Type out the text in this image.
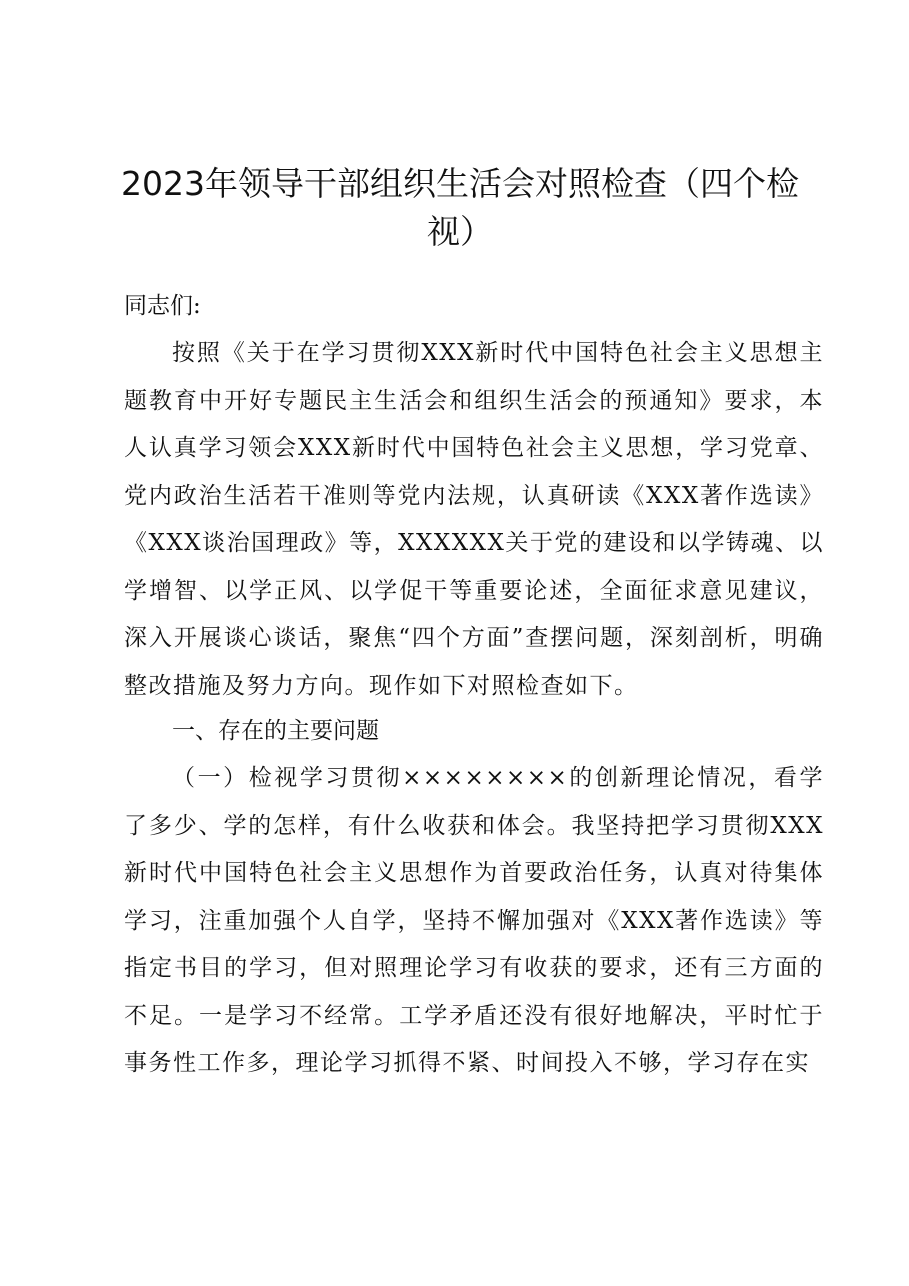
2023年领导干部组织生活会对照检查（四个检视）
同志们:
按照《关于在学习贯彻XXX新时代中国特色社会主义思想主题教育中开好专题民主生活会和组织生活会的预通知》要求，本人认真学习领会XXX新时代中国特色社会主义思想，学习党章、党内政治生活若干准则等党内法规，认真研读《XXX著作选读》《XXX谈治国理政》等，XXXXXX关于党的建设和以学铸魂、以学增智、以学正风、以学促干等重要论述，全面征求意见建议，深入开展谈心谈话，聚焦“四个方面”查摆问题，深刻剖析，明确整改措施及努力方向。现作如下对照检查如下。
一、存在的主要问题
（一）检视学习贯彻××××××××的创新理论情况，看学了多少、学的怎样，有什么收获和体会。我坚持把学习贯彻XXX新时代中国特色社会主义思想作为首要政治任务，认真对待集体学习，注重加强个人自学，坚持不懈加强对《XXX著作选读》等指定书目的学习，但对照理论学习有收获的要求，还有三方面的不足。一是学习不经常。工学矛盾还没有很好地解决，平时忙于事务性工作多，理论学习抓得不紧、时间投入不够，学习存在实
